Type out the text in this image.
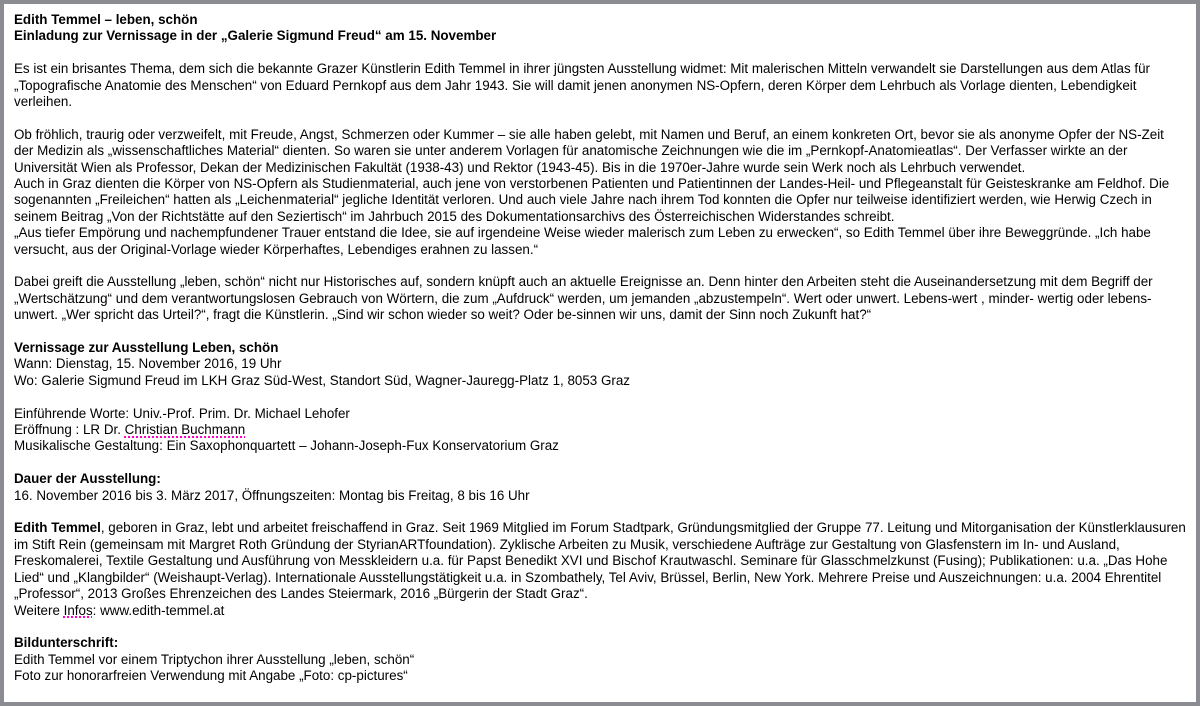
Edith Temmel – leben, schön
Einladung zur Vernissage in der „Galerie Sigmund Freud“ am 15. November
Es ist ein brisantes Thema, dem sich die bekannte Grazer Künstlerin Edith Temmel in ihrer jüngsten Ausstellung widmet: Mit malerischen Mitteln verwandelt sie Darstellungen aus dem Atlas für „Topografische Anatomie des Menschen“ von Eduard Pernkopf aus dem Jahr 1943. Sie will damit jenen anonymen NS-Opfern, deren Körper dem Lehrbuch als Vorlage dienten, Lebendigkeit verleihen.
Ob fröhlich, traurig oder verzweifelt, mit Freude, Angst, Schmerzen oder Kummer – sie alle haben gelebt, mit Namen und Beruf, an einem konkreten Ort, bevor sie als anonyme Opfer der NS-Zeit der Medizin als „wissenschaftliches Material“ dienten. So waren sie unter anderem Vorlagen für anatomische Zeichnungen wie die im „Pernkopf-Anatomieatlas“. Der Verfasser wirkte an der Universität Wien als Professor, Dekan der Medizinischen Fakultät (1938-43) und Rektor (1943-45). Bis in die 1970er-Jahre wurde sein Werk noch als Lehrbuch verwendet.
Auch in Graz dienten die Körper von NS-Opfern als Studienmaterial, auch jene von verstorbenen Patienten und Patientinnen der Landes-Heil- und Pflegeanstalt für Geisteskranke am Feldhof. Die sogenannten „Freileichen“ hatten als „Leichenmaterial“ jegliche Identität verloren. Und auch viele Jahre nach ihrem Tod konnten die Opfer nur teilweise identifiziert werden, wie Herwig Czech in seinem Beitrag „Von der Richtstätte auf den Seziertisch“ im Jahrbuch 2015 des Dokumentationsarchivs des Österreichischen Widerstandes schreibt.
„Aus tiefer Empörung und nachempfundener Trauer entstand die Idee, sie auf irgendeine Weise wieder malerisch zum Leben zu erwecken“, so Edith Temmel über ihre Beweggründe. „Ich habe versucht, aus der Original-Vorlage wieder Körperhaftes, Lebendiges erahnen zu lassen.“
Dabei greift die Ausstellung „leben, schön“ nicht nur Historisches auf, sondern knüpft auch an aktuelle Ereignisse an. Denn hinter den Arbeiten steht die Auseinandersetzung mit dem Begriff der „Wertschätzung“ und dem verantwortungslosen Gebrauch von Wörtern, die zum „Aufdruck“ werden, um jemanden „abzustempeln“. Wert oder unwert. Lebens-wert , minder- wertig oder lebens-unwert. „Wer spricht das Urteil?“, fragt die Künstlerin. „Sind wir schon wieder so weit? Oder be-sinnen wir uns, damit der Sinn noch Zukunft hat?“
Vernissage zur Ausstellung Leben, schön
Wann: Dienstag, 15. November 2016, 19 Uhr
Wo: Galerie Sigmund Freud im LKH Graz Süd-West, Standort Süd, Wagner-Jauregg-Platz 1, 8053 Graz
Einführende Worte: Univ.-Prof. Prim. Dr. Michael Lehofer
Eröffnung : LR Dr. Christian Buchmann
Musikalische Gestaltung: Ein Saxophonquartett – Johann-Joseph-Fux Konservatorium Graz
Dauer der Ausstellung:
16. November 2016 bis 3. März 2017, Öffnungszeiten: Montag bis Freitag, 8 bis 16 Uhr
Edith Temmel, geboren in Graz, lebt und arbeitet freischaffend in Graz. Seit 1969 Mitglied im Forum Stadtpark, Gründungsmitglied der Gruppe 77. Leitung und Mitorganisation der Künstlerklausuren im Stift Rein (gemeinsam mit Margret Roth Gründung der StyrianARTfoundation). Zyklische Arbeiten zu Musik, verschiedene Aufträge zur Gestaltung von Glasfenstern im In- und Ausland, Freskomalerei, Textile Gestaltung und Ausführung von Messkleidern u.a. für Papst Benedikt XVI und Bischof Krautwaschl. Seminare für Glasschmelzkunst (Fusing); Publikationen: u.a. „Das Hohe Lied“ und „Klangbilder“ (Weishaupt-Verlag). Internationale Ausstellungstätigkeit u.a. in Szombathely, Tel Aviv, Brüssel, Berlin, New York. Mehrere Preise und Auszeichnungen: u.a. 2004 Ehrentitel „Professor“, 2013 Großes Ehrenzeichen des Landes Steiermark, 2016 „Bürgerin der Stadt Graz“.
Weitere Infos: www.edith-temmel.at
Bildunterschrift:
Edith Temmel vor einem Triptychon ihrer Ausstellung „leben, schön“
Foto zur honorarfreien Verwendung mit Angabe „Foto: cp-pictures“
